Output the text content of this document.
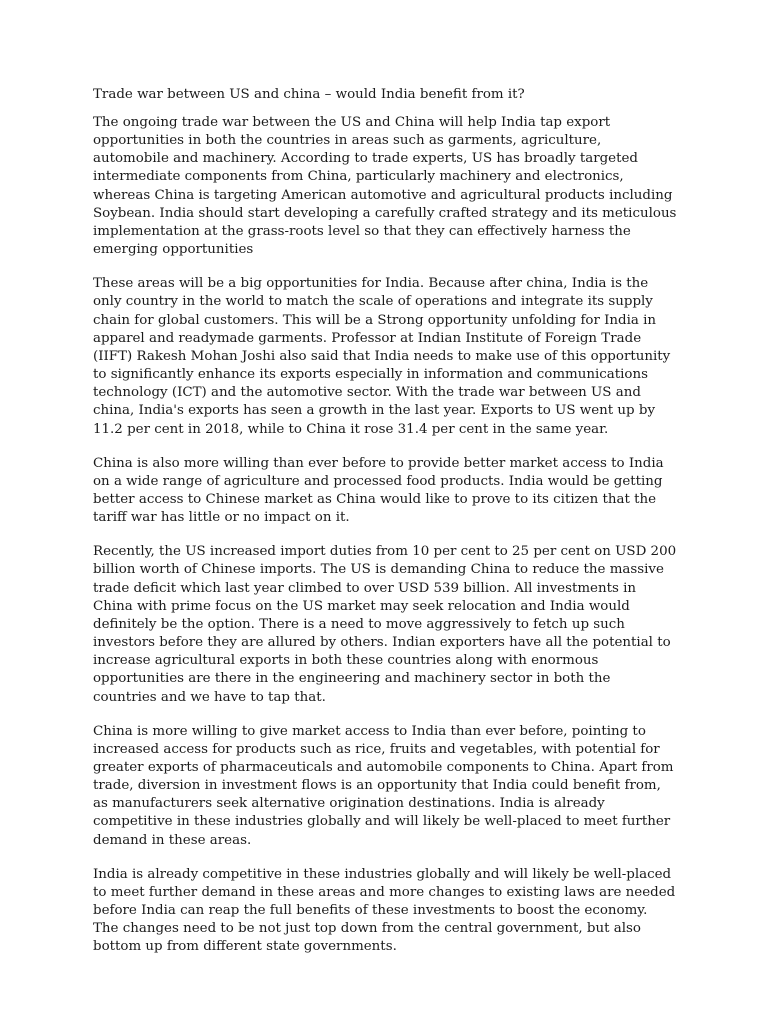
Trade war between US and china – would India benefit from it?

The ongoing trade war between the US and China will help India tap export opportunities in both the countries in areas such as garments, agriculture, automobile and machinery. According to trade experts, US has broadly targeted intermediate components from China, particularly machinery and electronics, whereas China is targeting American automotive and agricultural products including Soybean. India should start developing a carefully crafted strategy and its meticulous implementation at the grass-roots level so that they can effectively harness the emerging opportunities

These areas will be a big opportunities for India. Because after china, India is the only country in the world to match the scale of operations and integrate its supply chain for global customers. This will be a Strong opportunity unfolding for India in apparel and readymade garments. Professor at Indian Institute of Foreign Trade (IIFT) Rakesh Mohan Joshi also said that India needs to make use of this opportunity to significantly enhance its exports especially in information and communications technology (ICT) and the automotive sector. With the trade war between US and china, India's exports has seen a growth in the last year. Exports to US went up by 11.2 per cent in 2018, while to China it rose 31.4 per cent in the same year.

China is also more willing than ever before to provide better market access to India on a wide range of agriculture and processed food products. India would be getting better access to Chinese market as China would like to prove to its citizen that the tariff war has little or no impact on it.

Recently, the US increased import duties from 10 per cent to 25 per cent on USD 200 billion worth of Chinese imports. The US is demanding China to reduce the massive trade deficit which last year climbed to over USD 539 billion. All investments in China with prime focus on the US market may seek relocation and India would definitely be the option. There is a need to move aggressively to fetch up such investors before they are allured by others. Indian exporters have all the potential to increase agricultural exports in both these countries along with enormous opportunities are there in the engineering and machinery sector in both the countries and we have to tap that.

China is more willing to give market access to India than ever before, pointing to increased access for products such as rice, fruits and vegetables, with potential for greater exports of pharmaceuticals and automobile components to China. Apart from trade, diversion in investment flows is an opportunity that India could benefit from, as manufacturers seek alternative origination destinations. India is already competitive in these industries globally and will likely be well-placed to meet further demand in these areas.

India is already competitive in these industries globally and will likely be well-placed to meet further demand in these areas and more changes to existing laws are needed before India can reap the full benefits of these investments to boost the economy. The changes need to be not just top down from the central government, but also bottom up from different state governments.
